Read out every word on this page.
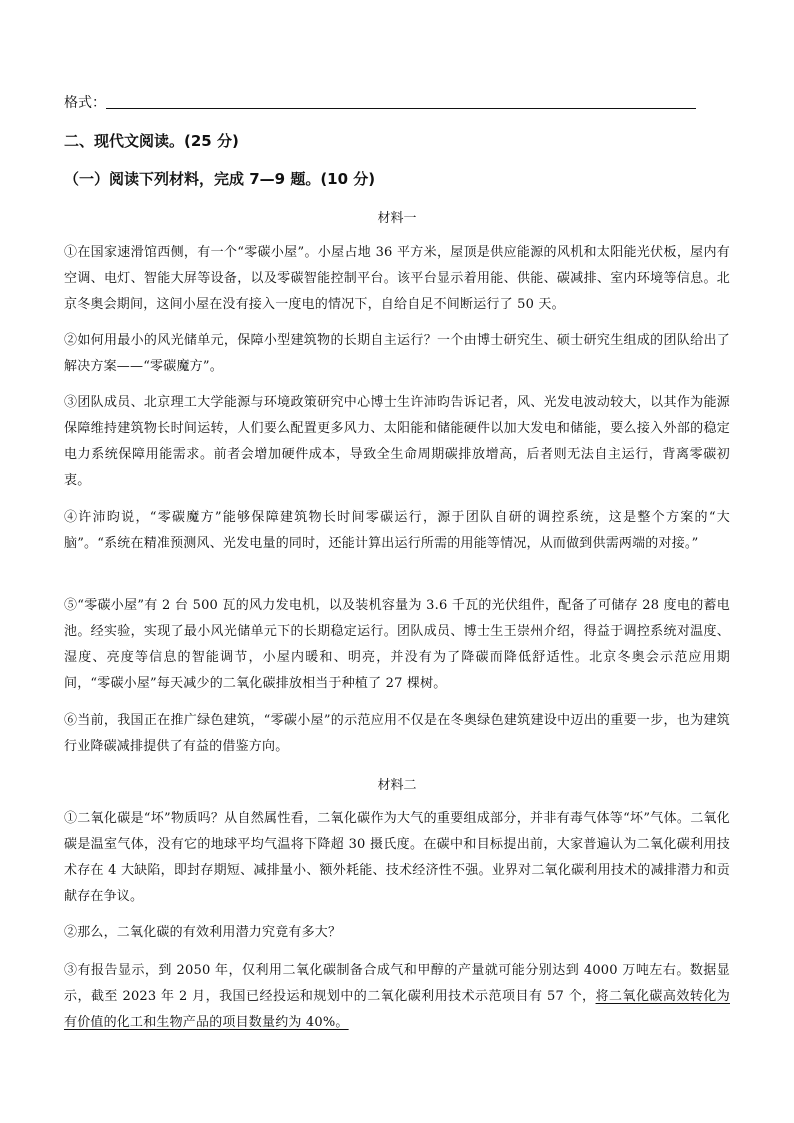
格式：
二、现代文阅读。(25 分)
（一）阅读下列材料，完成 7—9 题。(10 分)
材料一
①在国家速滑馆西侧，有一个“零碳小屋”。小屋占地 36 平方米，屋顶是供应能源的风机和太阳能光伏板，屋内有空调、电灯、智能大屏等设备，以及零碳智能控制平台。该平台显示着用能、供能、碳减排、室内环境等信息。北京冬奥会期间，这间小屋在没有接入一度电的情况下，自给自足不间断运行了 50 天。
②如何用最小的风光储单元，保障小型建筑物的长期自主运行？一个由博士研究生、硕士研究生组成的团队给出了解决方案——“零碳魔方”。
③团队成员、北京理工大学能源与环境政策研究中心博士生许沛昀告诉记者，风、光发电波动较大，以其作为能源保障维持建筑物长时间运转，人们要么配置更多风力、太阳能和储能硬件以加大发电和储能，要么接入外部的稳定电力系统保障用能需求。前者会增加硬件成本，导致全生命周期碳排放增高，后者则无法自主运行，背离零碳初衷。
④许沛昀说，“零碳魔方”能够保障建筑物长时间零碳运行，源于团队自研的调控系统，这是整个方案的“大脑”。“系统在精准预测风、光发电量的同时，还能计算出运行所需的用能等情况，从而做到供需两端的对接。”
⑤“零碳小屋”有 2 台 500 瓦的风力发电机，以及装机容量为 3.6 千瓦的光伏组件，配备了可储存 28 度电的蓄电池。经实验，实现了最小风光储单元下的长期稳定运行。团队成员、博士生王崇州介绍，得益于调控系统对温度、湿度、亮度等信息的智能调节，小屋内暖和、明亮，并没有为了降碳而降低舒适性。北京冬奥会示范应用期间，“零碳小屋”每天减少的二氧化碳排放相当于种植了 27 棵树。
⑥当前，我国正在推广绿色建筑，“零碳小屋”的示范应用不仅是在冬奥绿色建筑建设中迈出的重要一步，也为建筑行业降碳减排提供了有益的借鉴方向。
材料二
①二氧化碳是“坏”物质吗？从自然属性看，二氧化碳作为大气的重要组成部分，并非有毒气体等“坏”气体。二氧化碳是温室气体，没有它的地球平均气温将下降超 30 摄氏度。在碳中和目标提出前，大家普遍认为二氧化碳利用技术存在 4 大缺陷，即封存期短、减排量小、额外耗能、技术经济性不强。业界对二氧化碳利用技术的减排潜力和贡献存在争议。
②那么，二氧化碳的有效利用潜力究竟有多大？
③有报告显示，到 2050 年，仅利用二氧化碳制备合成气和甲醇的产量就可能分别达到 4000 万吨左右。数据显示，截至 2023 年 2 月，我国已经投运和规划中的二氧化碳利用技术示范项目有 57 个，将二氧化碳高效转化为有价值的化工和生物产品的项目数量约为 40%。
